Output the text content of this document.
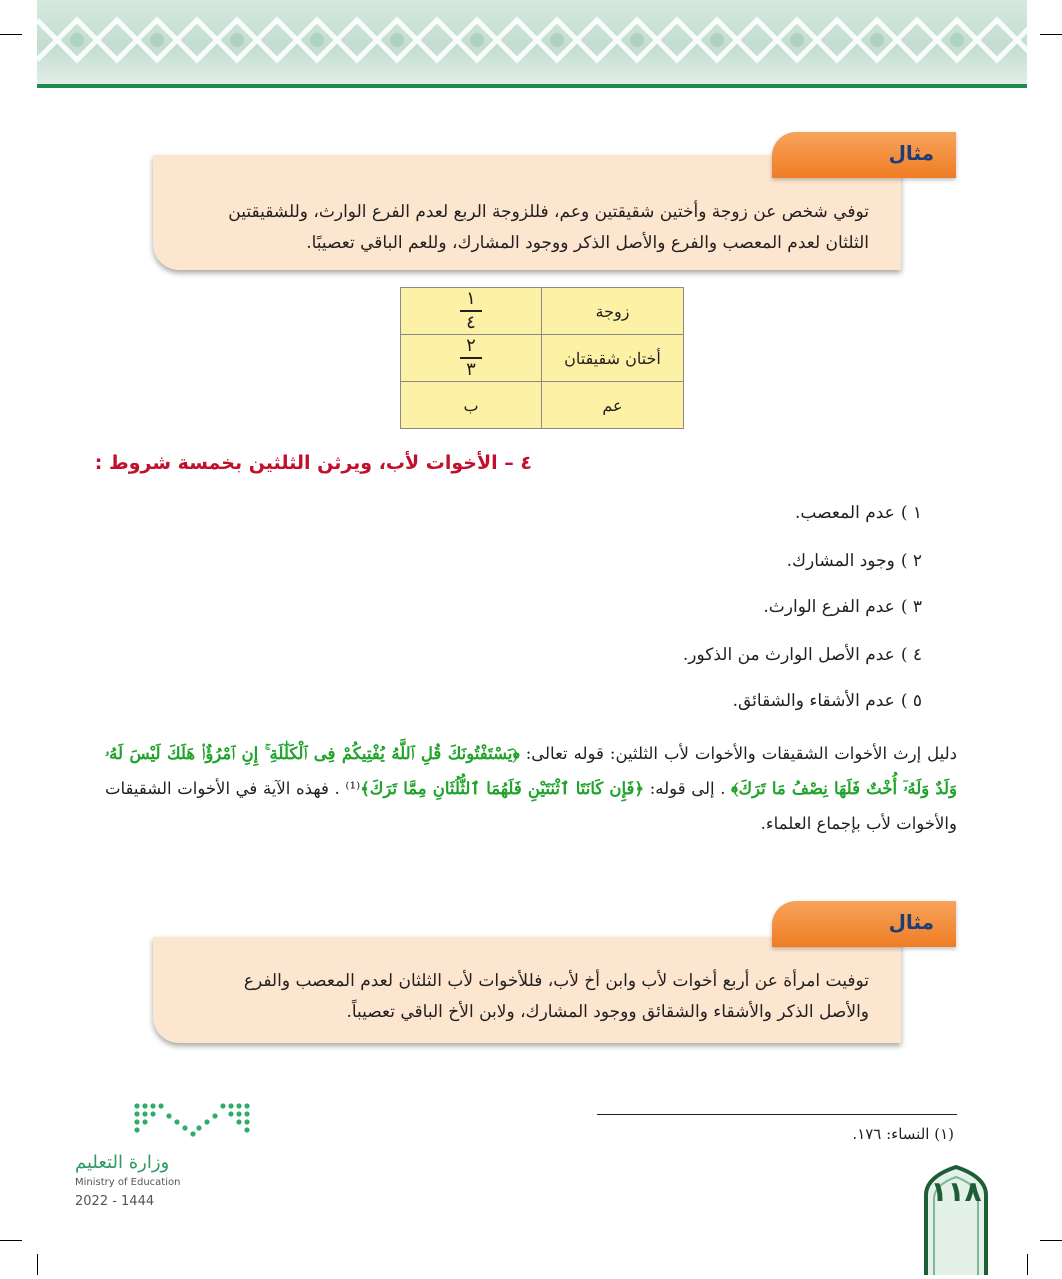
مثال
توفي شخص عن زوجة وأختين شقيقتين وعم، فللزوجة الربع لعدم الفرع الوارث، وللشقيقتين
الثلثان لعدم المعصب والفرع والأصل الذكر ووجود المشارك، وللعم الباقي تعصيبًا.
زوجة	$\frac{١}{٤}$

أختان شقيقتان	$\frac{٢}{٣}$

عم	ب
٤ – الأخوات لأب، ويرثن الثلثين بخمسة شروط :
١ )عدم المعصب.
٢ )وجود المشارك.
٣ )عدم الفرع الوارث.
٤ )عدم الأصل الوارث من الذكور.
٥ )عدم الأشقاء والشقائق.
دليل إرث الأخوات الشقيقات والأخوات لأب الثلثين: قوله تعالى: ﴿يَسْتَفْتُونَكَ قُلِ ٱللَّهُ يُفْتِيكُمْ فِى ٱلْكَلَٰلَةِ ۚ إِنِ ٱمْرُؤٌا۟ هَلَكَ لَيْسَ لَهُۥ وَلَدٌ وَلَهُۥٓ أُخْتٌ فَلَهَا نِصْفُ مَا تَرَكَ﴾ . إلى قوله: ﴿فَإِن كَانَتَا ٱثْنَتَيْنِ فَلَهُمَا ٱلثُّلُثَانِ مِمَّا تَرَكَ﴾⁽¹⁾ . فهذه الآية في الأخوات الشقيقات والأخوات لأب بإجماع العلماء.
مثال
توفيت امرأة عن أربع أخوات لأب وابن أخ لأب، فللأخوات لأب الثلثان لعدم المعصب والفرع
والأصل الذكر والأشقاء والشقائق ووجود المشارك، ولابن الأخ الباقي تعصيباً.
(١) النساء: ١٧٦.
وزارة التعليم
Ministry of Education
2022 - 1444	١١٨
